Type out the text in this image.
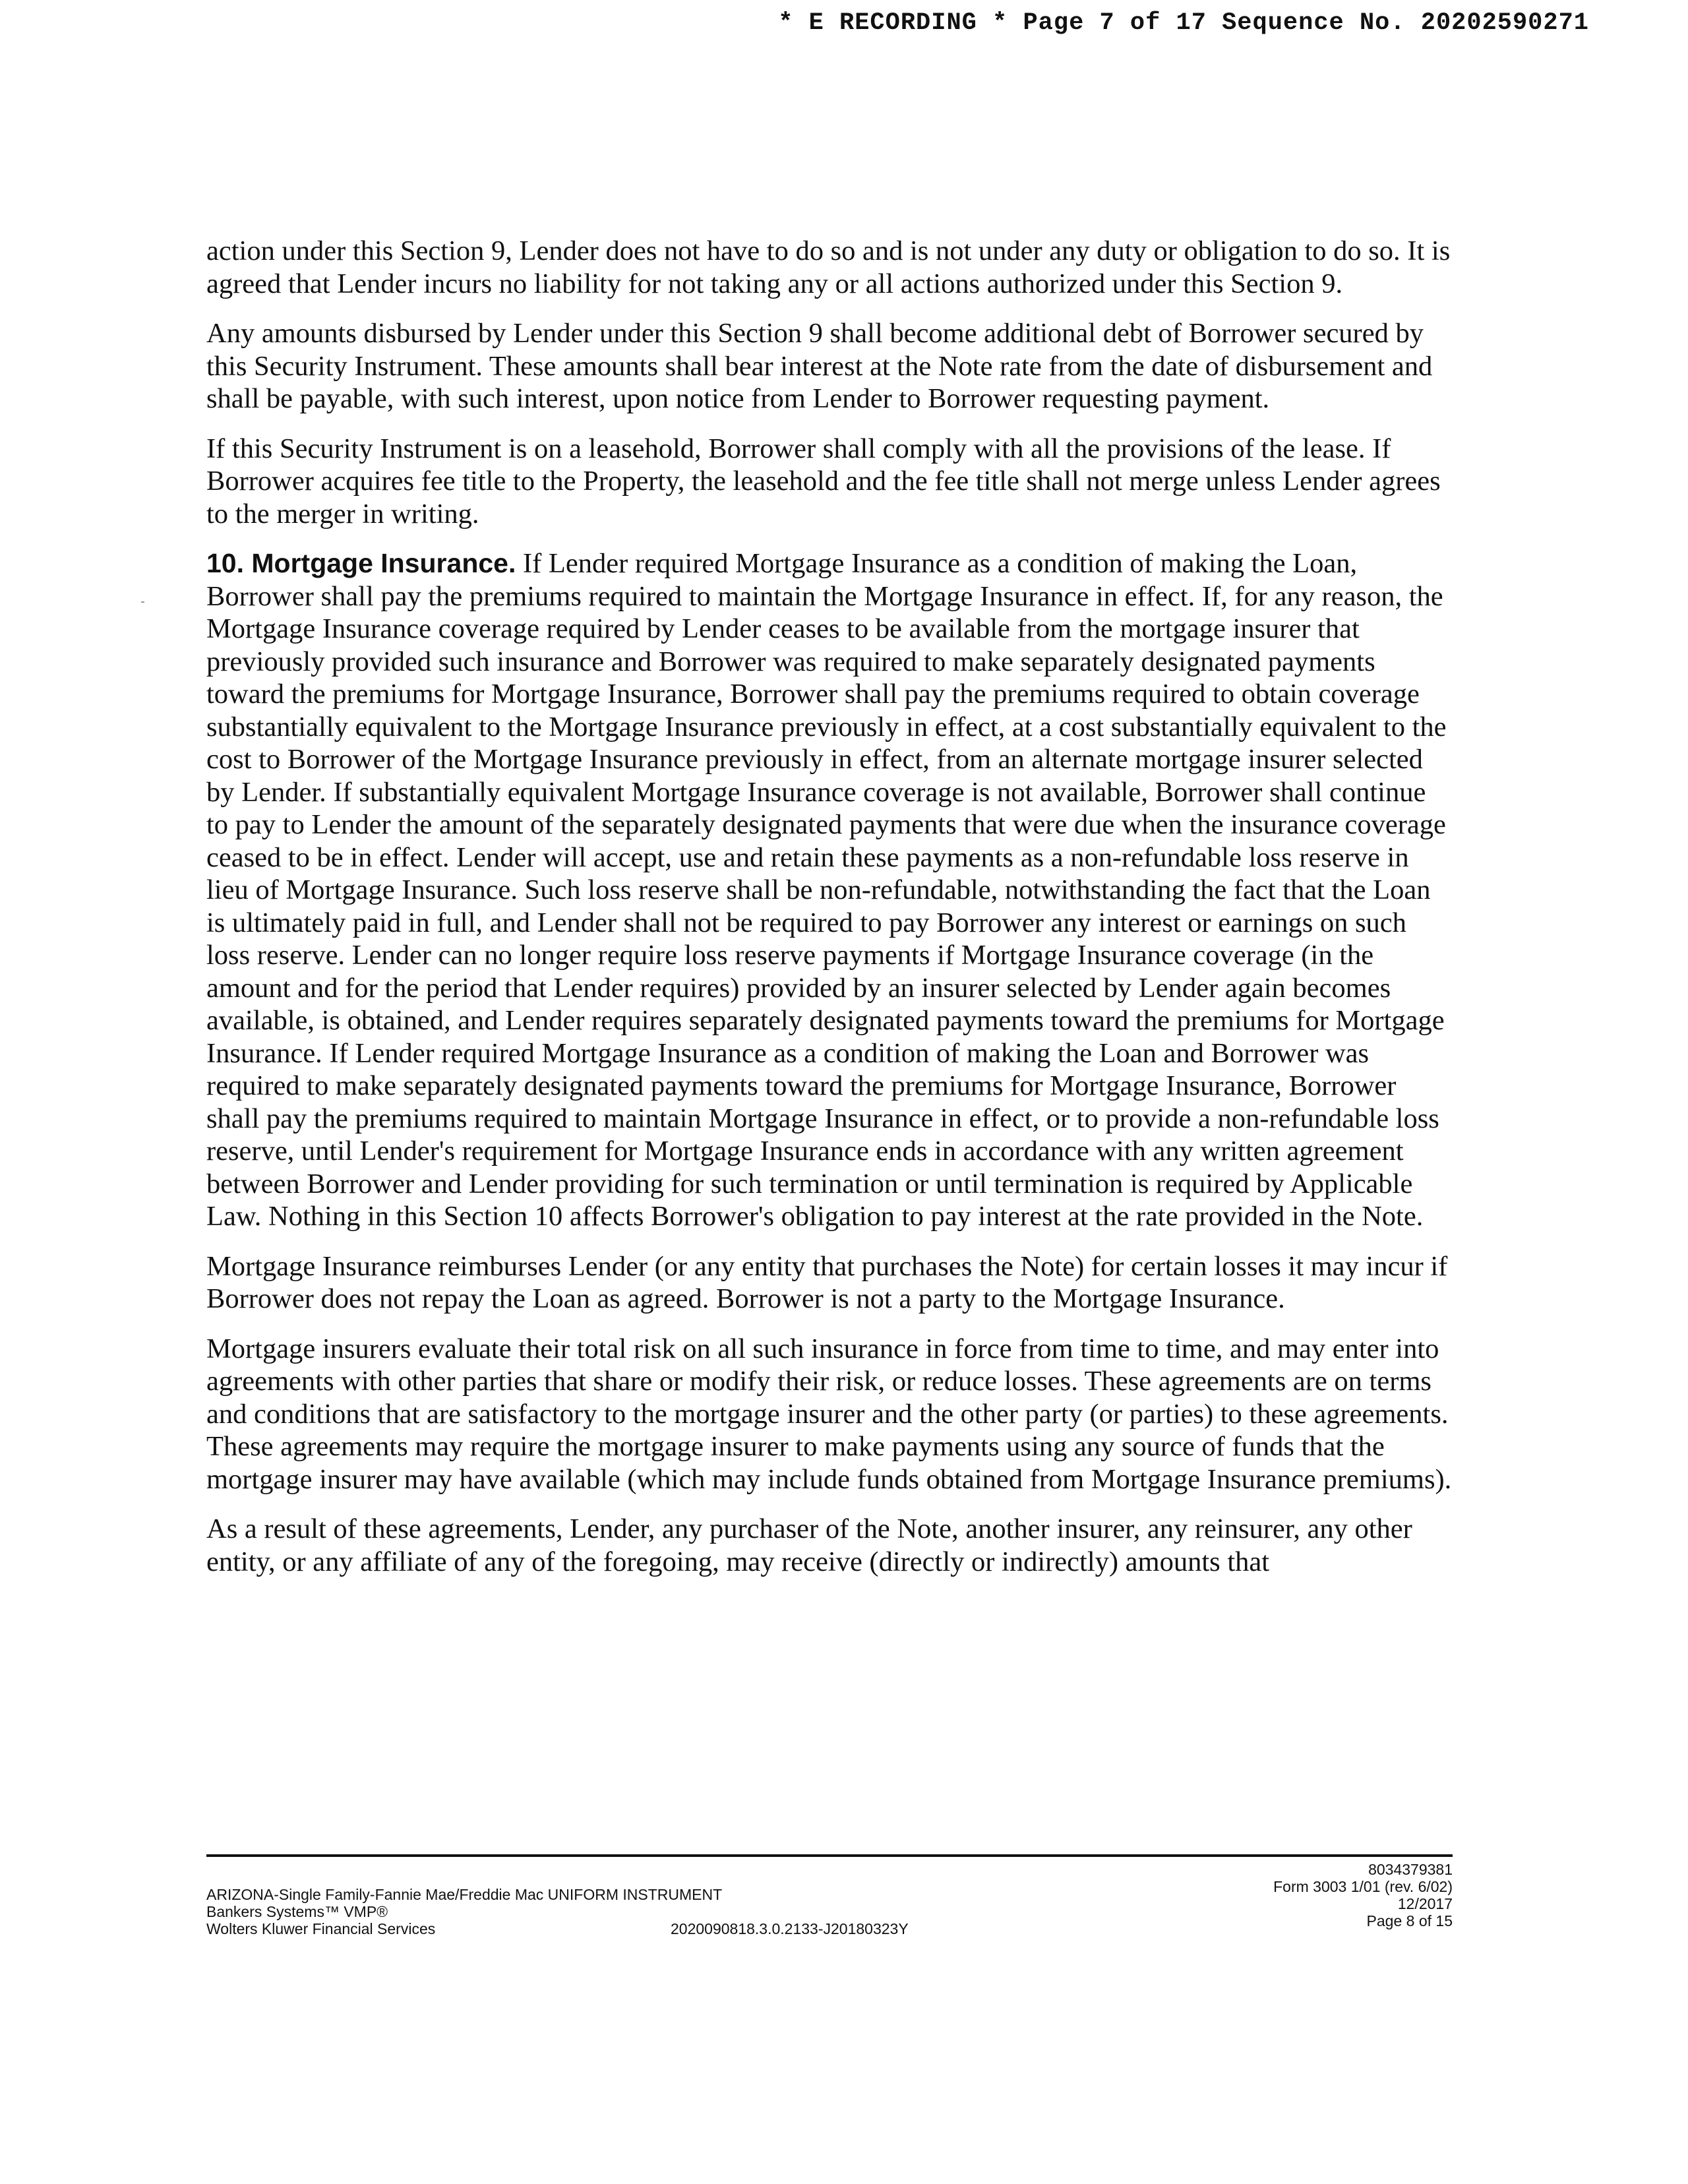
* E RECORDING * Page 7 of 17 Sequence No. 20202590271

action under this Section 9, Lender does not have to do so and is not under any duty or obligation to do so. It is agreed that Lender incurs no liability for not taking any or all actions authorized under this Section 9.

Any amounts disbursed by Lender under this Section 9 shall become additional debt of Borrower secured by this Security Instrument. These amounts shall bear interest at the Note rate from the date of disbursement and shall be payable, with such interest, upon notice from Lender to Borrower requesting payment.

If this Security Instrument is on a leasehold, Borrower shall comply with all the provisions of the lease. If Borrower acquires fee title to the Property, the leasehold and the fee title shall not merge unless Lender agrees to the merger in writing.

10. Mortgage Insurance. If Lender required Mortgage Insurance as a condition of making the Loan, Borrower shall pay the premiums required to maintain the Mortgage Insurance in effect. If, for any reason, the Mortgage Insurance coverage required by Lender ceases to be available from the mortgage insurer that previously provided such insurance and Borrower was required to make separately designated payments toward the premiums for Mortgage Insurance, Borrower shall pay the premiums required to obtain coverage substantially equivalent to the Mortgage Insurance previously in effect, at a cost substantially equivalent to the cost to Borrower of the Mortgage Insurance previously in effect, from an alternate mortgage insurer selected by Lender. If substantially equivalent Mortgage Insurance coverage is not available, Borrower shall continue to pay to Lender the amount of the separately designated payments that were due when the insurance coverage ceased to be in effect. Lender will accept, use and retain these payments as a non-refundable loss reserve in lieu of Mortgage Insurance. Such loss reserve shall be non-refundable, notwithstanding the fact that the Loan is ultimately paid in full, and Lender shall not be required to pay Borrower any interest or earnings on such loss reserve. Lender can no longer require loss reserve payments if Mortgage Insurance coverage (in the amount and for the period that Lender requires) provided by an insurer selected by Lender again becomes available, is obtained, and Lender requires separately designated payments toward the premiums for Mortgage Insurance. If Lender required Mortgage Insurance as a condition of making the Loan and Borrower was required to make separately designated payments toward the premiums for Mortgage Insurance, Borrower shall pay the premiums required to maintain Mortgage Insurance in effect, or to provide a non-refundable loss reserve, until Lender's requirement for Mortgage Insurance ends in accordance with any written agreement between Borrower and Lender providing for such termination or until termination is required by Applicable Law. Nothing in this Section 10 affects Borrower's obligation to pay interest at the rate provided in the Note.

Mortgage Insurance reimburses Lender (or any entity that purchases the Note) for certain losses it may incur if Borrower does not repay the Loan as agreed. Borrower is not a party to the Mortgage Insurance.

Mortgage insurers evaluate their total risk on all such insurance in force from time to time, and may enter into agreements with other parties that share or modify their risk, or reduce losses. These agreements are on terms and conditions that are satisfactory to the mortgage insurer and the other party (or parties) to these agreements. These agreements may require the mortgage insurer to make payments using any source of funds that the mortgage insurer may have available (which may include funds obtained from Mortgage Insurance premiums).

As a result of these agreements, Lender, any purchaser of the Note, another insurer, any reinsurer, any other entity, or any affiliate of any of the foregoing, may receive (directly or indirectly) amounts that

ARIZONA-Single Family-Fannie Mae/Freddie Mac UNIFORM INSTRUMENT
Bankers Systems™ VMP®
Wolters Kluwer Financial Services	2020090818.3.0.2133-J20180323Y
8034379381
Form 3003 1/01 (rev. 6/02)
12/2017
Page 8 of 15
